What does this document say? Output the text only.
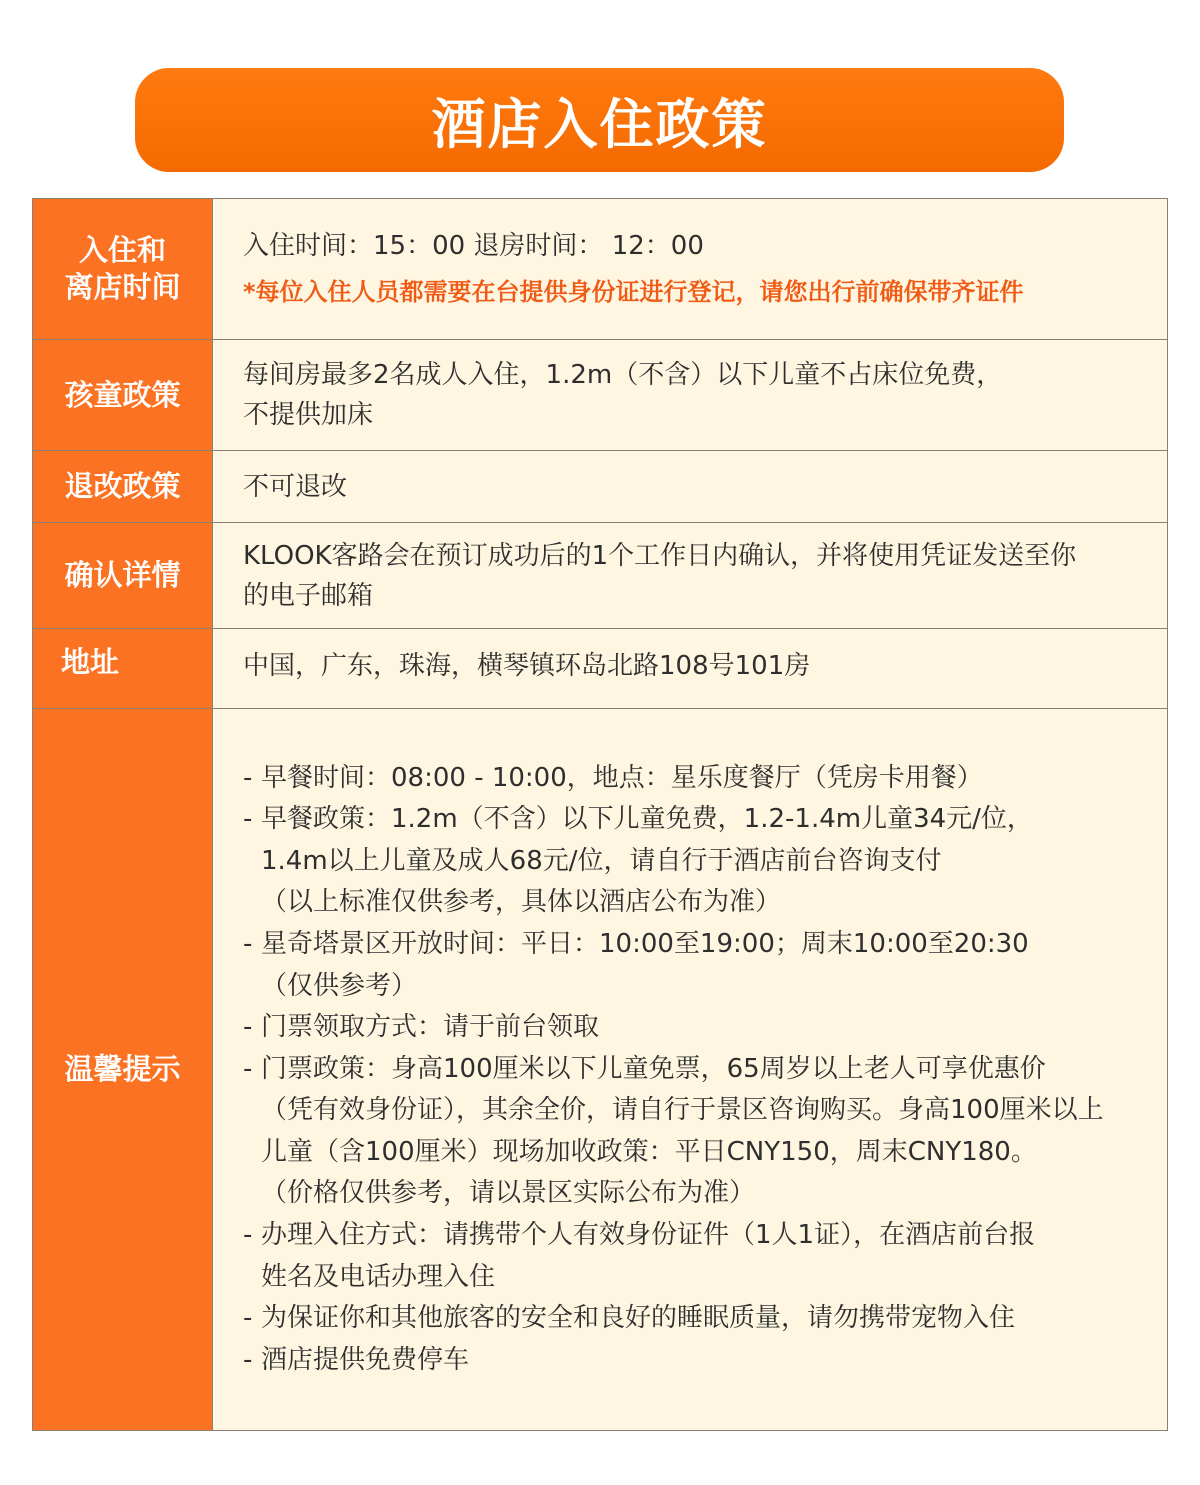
酒店入住政策
入住和
离店时间
入住时间：15：00 退房时间： 12：00
*每位入住人员都需要在台提供身份证进行登记，请您出行前确保带齐证件
孩童政策
每间房最多2名成人入住，1.2m（不含）以下儿童不占床位免费，
不提供加床
退改政策	不可退改
确认详情
KLOOK客路会在预订成功后的1个工作日内确认，并将使用凭证发送至你
的电子邮箱
地址	中国，广东，珠海，横琴镇环岛北路108号101房
温馨提示
- 早餐时间：08:00 - 10:00，地点：星乐度餐厅（凭房卡用餐）
- 早餐政策：1.2m（不含）以下儿童免费，1.2-1.4m儿童34元/位，
1.4m以上儿童及成人68元/位，请自行于酒店前台咨询支付
（以上标准仅供参考，具体以酒店公布为准）
- 星奇塔景区开放时间：平日：10:00至19:00；周末10:00至20:30
（仅供参考）
- 门票领取方式：请于前台领取
- 门票政策：身高100厘米以下儿童免票，65周岁以上老人可享优惠价
（凭有效身份证），其余全价，请自行于景区咨询购买。身高100厘米以上
儿童（含100厘米）现场加收政策：平日CNY150，周末CNY180。
（价格仅供参考，请以景区实际公布为准）
- 办理入住方式：请携带个人有效身份证件（1人1证），在酒店前台报
姓名及电话办理入住
- 为保证你和其他旅客的安全和良好的睡眠质量，请勿携带宠物入住
- 酒店提供免费停车
